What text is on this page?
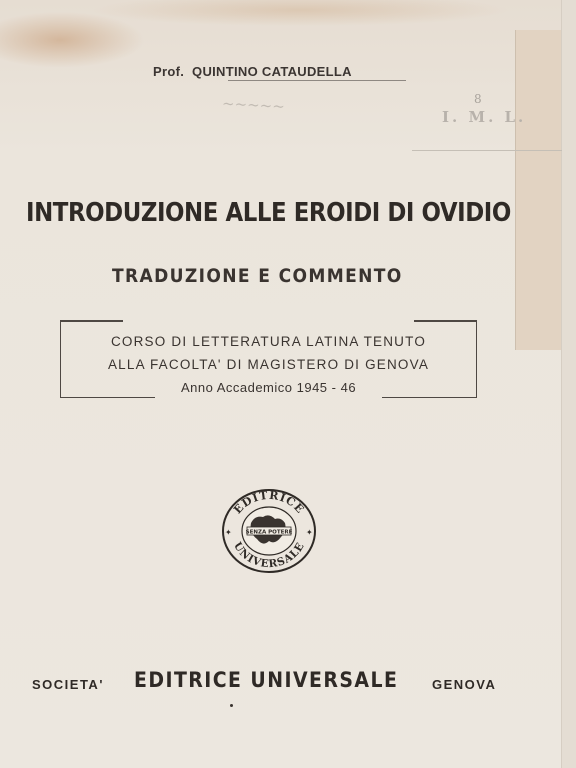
Prof. QUINTINO CATAUDELLA
~~~~~	8
I. M. L.
INTRODUZIONE ALLE EROIDI DI OVIDIO
TRADUZIONE E COMMENTO
CORSO DI LETTERATURA LATINA TENUTO
ALLA FACOLTA' DI MAGISTERO DI GENOVA
Anno Accademico 1945 - 46
SENZA POTERE
EDITRICE
UNIVERSALE
✦	✦
SOCIETA' EDITRICE UNIVERSALE	GENOVA
